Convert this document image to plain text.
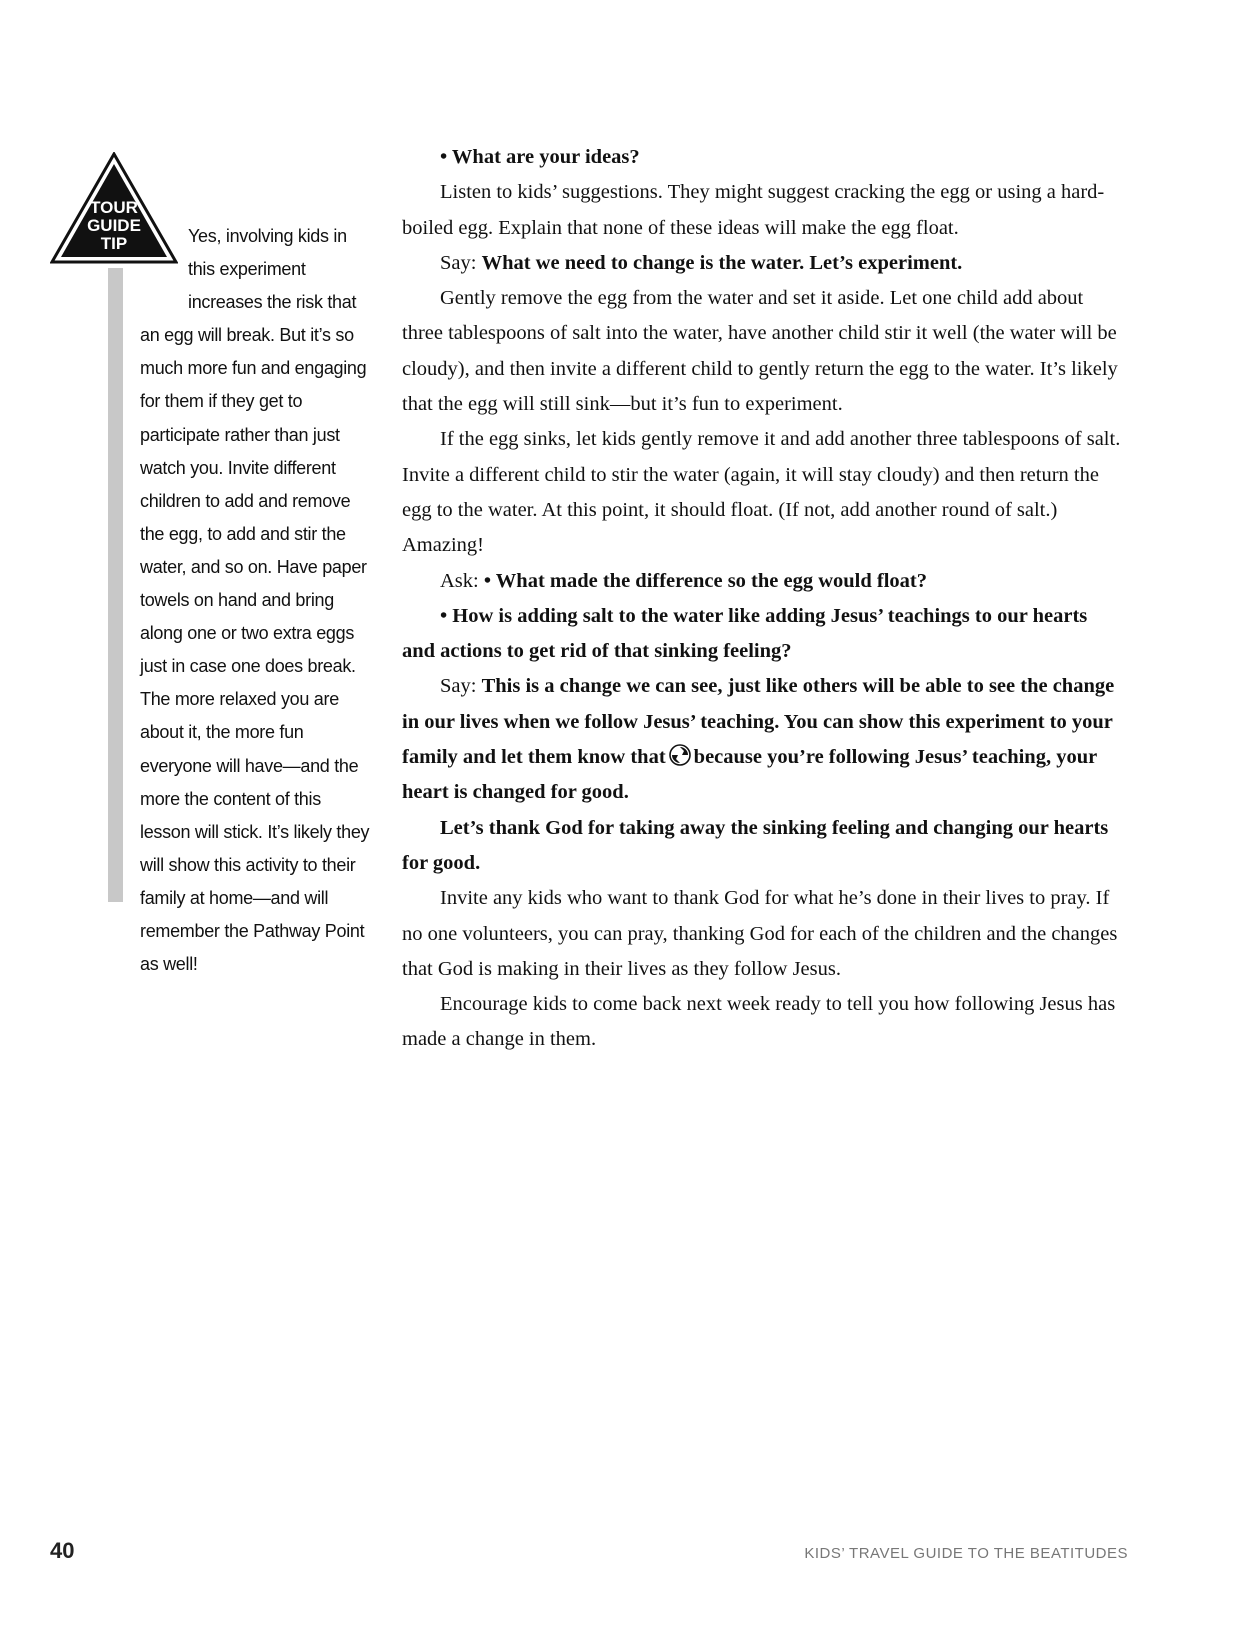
TOUR
GUIDE
TIP	Yes, involving kids in this experiment increases the risk that an egg will break. But it’s so much more fun and engaging for them if they get to participate rather than just watch you. Invite different children to add and remove the egg, to add and stir the water, and so on. Have paper towels on hand and bring along one or two extra eggs just in case one does break. The more relaxed you are about it, the more fun everyone will have—and the more the content of this lesson will stick. It’s likely they will show this activity to their family at home—and will remember the Pathway Point as well!

• What are your ideas?

Listen to kids’ suggestions. They might suggest cracking the egg or using a hard-boiled egg. Explain that none of these ideas will make the egg float.

Say: What we need to change is the water. Let’s experiment.

Gently remove the egg from the water and set it aside. Let one child add about three tablespoons of salt into the water, have another child stir it well (the water will be cloudy), and then invite a different child to gently return the egg to the water. It’s likely that the egg will still sink—but it’s fun to experiment.

If the egg sinks, let kids gently remove it and add another three tablespoons of salt. Invite a different child to stir the water (again, it will stay cloudy) and then return the egg to the water. At this point, it should float. (If not, add another round of salt.) Amazing!

Ask: • What made the difference so the egg would float?

• How is adding salt to the water like adding Jesus’ teachings to our hearts and actions to get rid of that sinking feeling?

Say: This is a change we can see, just like others will be able to see the change in our lives when we follow Jesus’ teaching. You can show this experiment to your family and let them know that because you’re following Jesus’ teaching, your heart is changed for good.

Let’s thank God for taking away the sinking feeling and changing our hearts for good.

Invite any kids who want to thank God for what he’s done in their lives to pray. If no one volunteers, you can pray, thanking God for each of the children and the changes that God is making in their lives as they follow Jesus.

Encourage kids to come back next week ready to tell you how following Jesus has made a change in them.

40	KIDS’ TRAVEL GUIDE TO THE BEATITUDES
